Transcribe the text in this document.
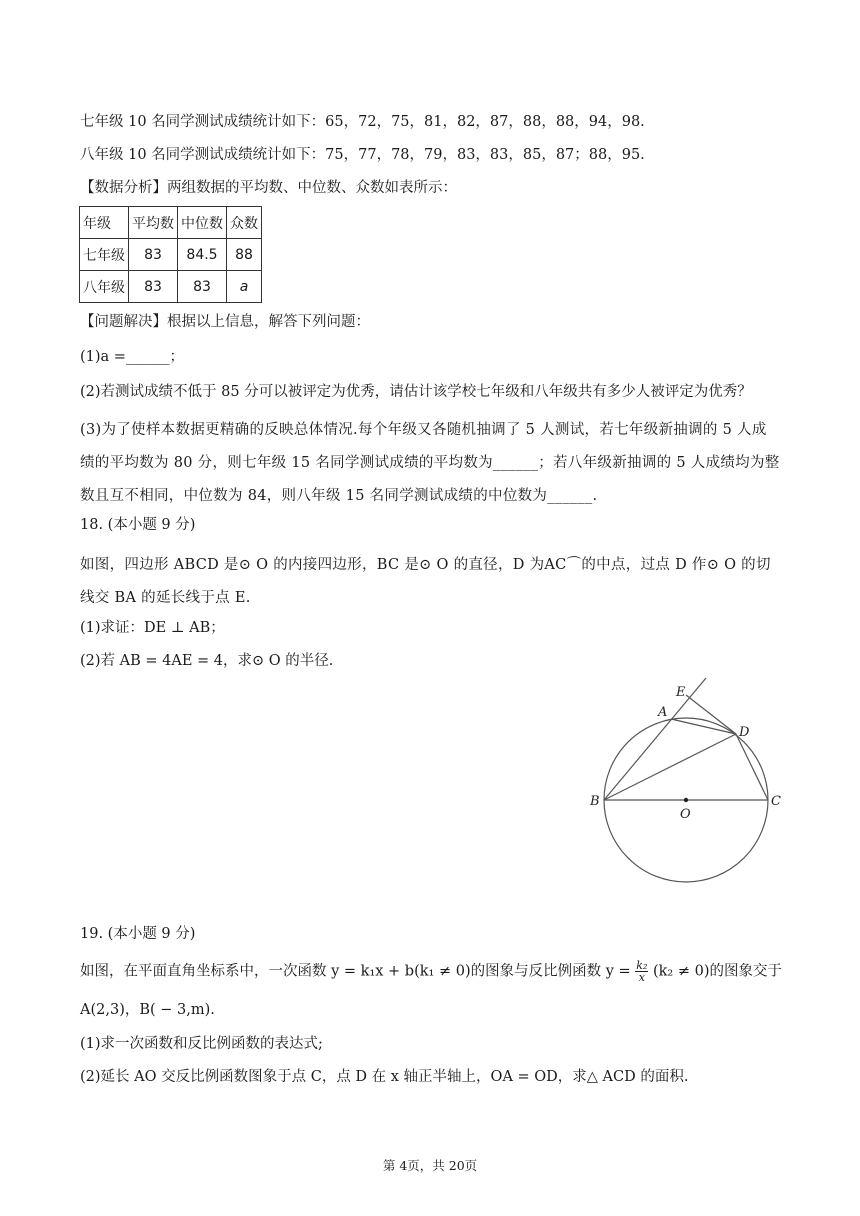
七年级 10 名同学测试成绩统计如下：65，72，75，81，82，87，88，88，94，98.
八年级 10 名同学测试成绩统计如下：75，77，78，79，83，83，85，87；88，95.
【数据分析】两组数据的平均数、中位数、众数如表所示：
年级	平均数	中位数	众数
七年级	83	84.5	88
八年级	83	83	a
【问题解决】根据以上信息，解答下列问题：
(1)a =______；
(2)若测试成绩不低于 85 分可以被评定为优秀，请估计该学校七年级和八年级共有多少人被评定为优秀？
(3)为了使样本数据更精确的反映总体情况.每个年级又各随机抽调了 5 人测试，若七年级新抽调的 5 人成绩的平均数为 80 分，则七年级 15 名同学测试成绩的平均数为______；若八年级新抽调的 5 人成绩均为整数且互不相同，中位数为 84，则八年级 15 名同学测试成绩的中位数为______.
18. (本小题 9 分)
如图，四边形 ABCD 是⊙ O 的内接四边形，BC 是⊙ O 的直径，D 为AC⌒的中点，过点 D 作⊙ O 的切线交 BA 的延长线于点 E.
(1)求证：DE ⊥ AB；
(2)若 AB = 4AE = 4，求⊙ O 的半径.
E
A
D
B
O
C
19. (本小题 9 分)
如图，在平面直角坐标系中，一次函数 y = k₁x + b(k₁ ≠ 0)的图象与反比例函数 $y = \frac{\text{k₂}}{x} (k_2 \ne 0)$的图象交于
A(2,3)，B( − 3,m).
(1)求一次函数和反比例函数的表达式;
(2)延长 AO 交反比例函数图象于点 C，点 D 在 x 轴正半轴上，OA = OD，求△ ACD 的面积.
第 4页，共 20页
